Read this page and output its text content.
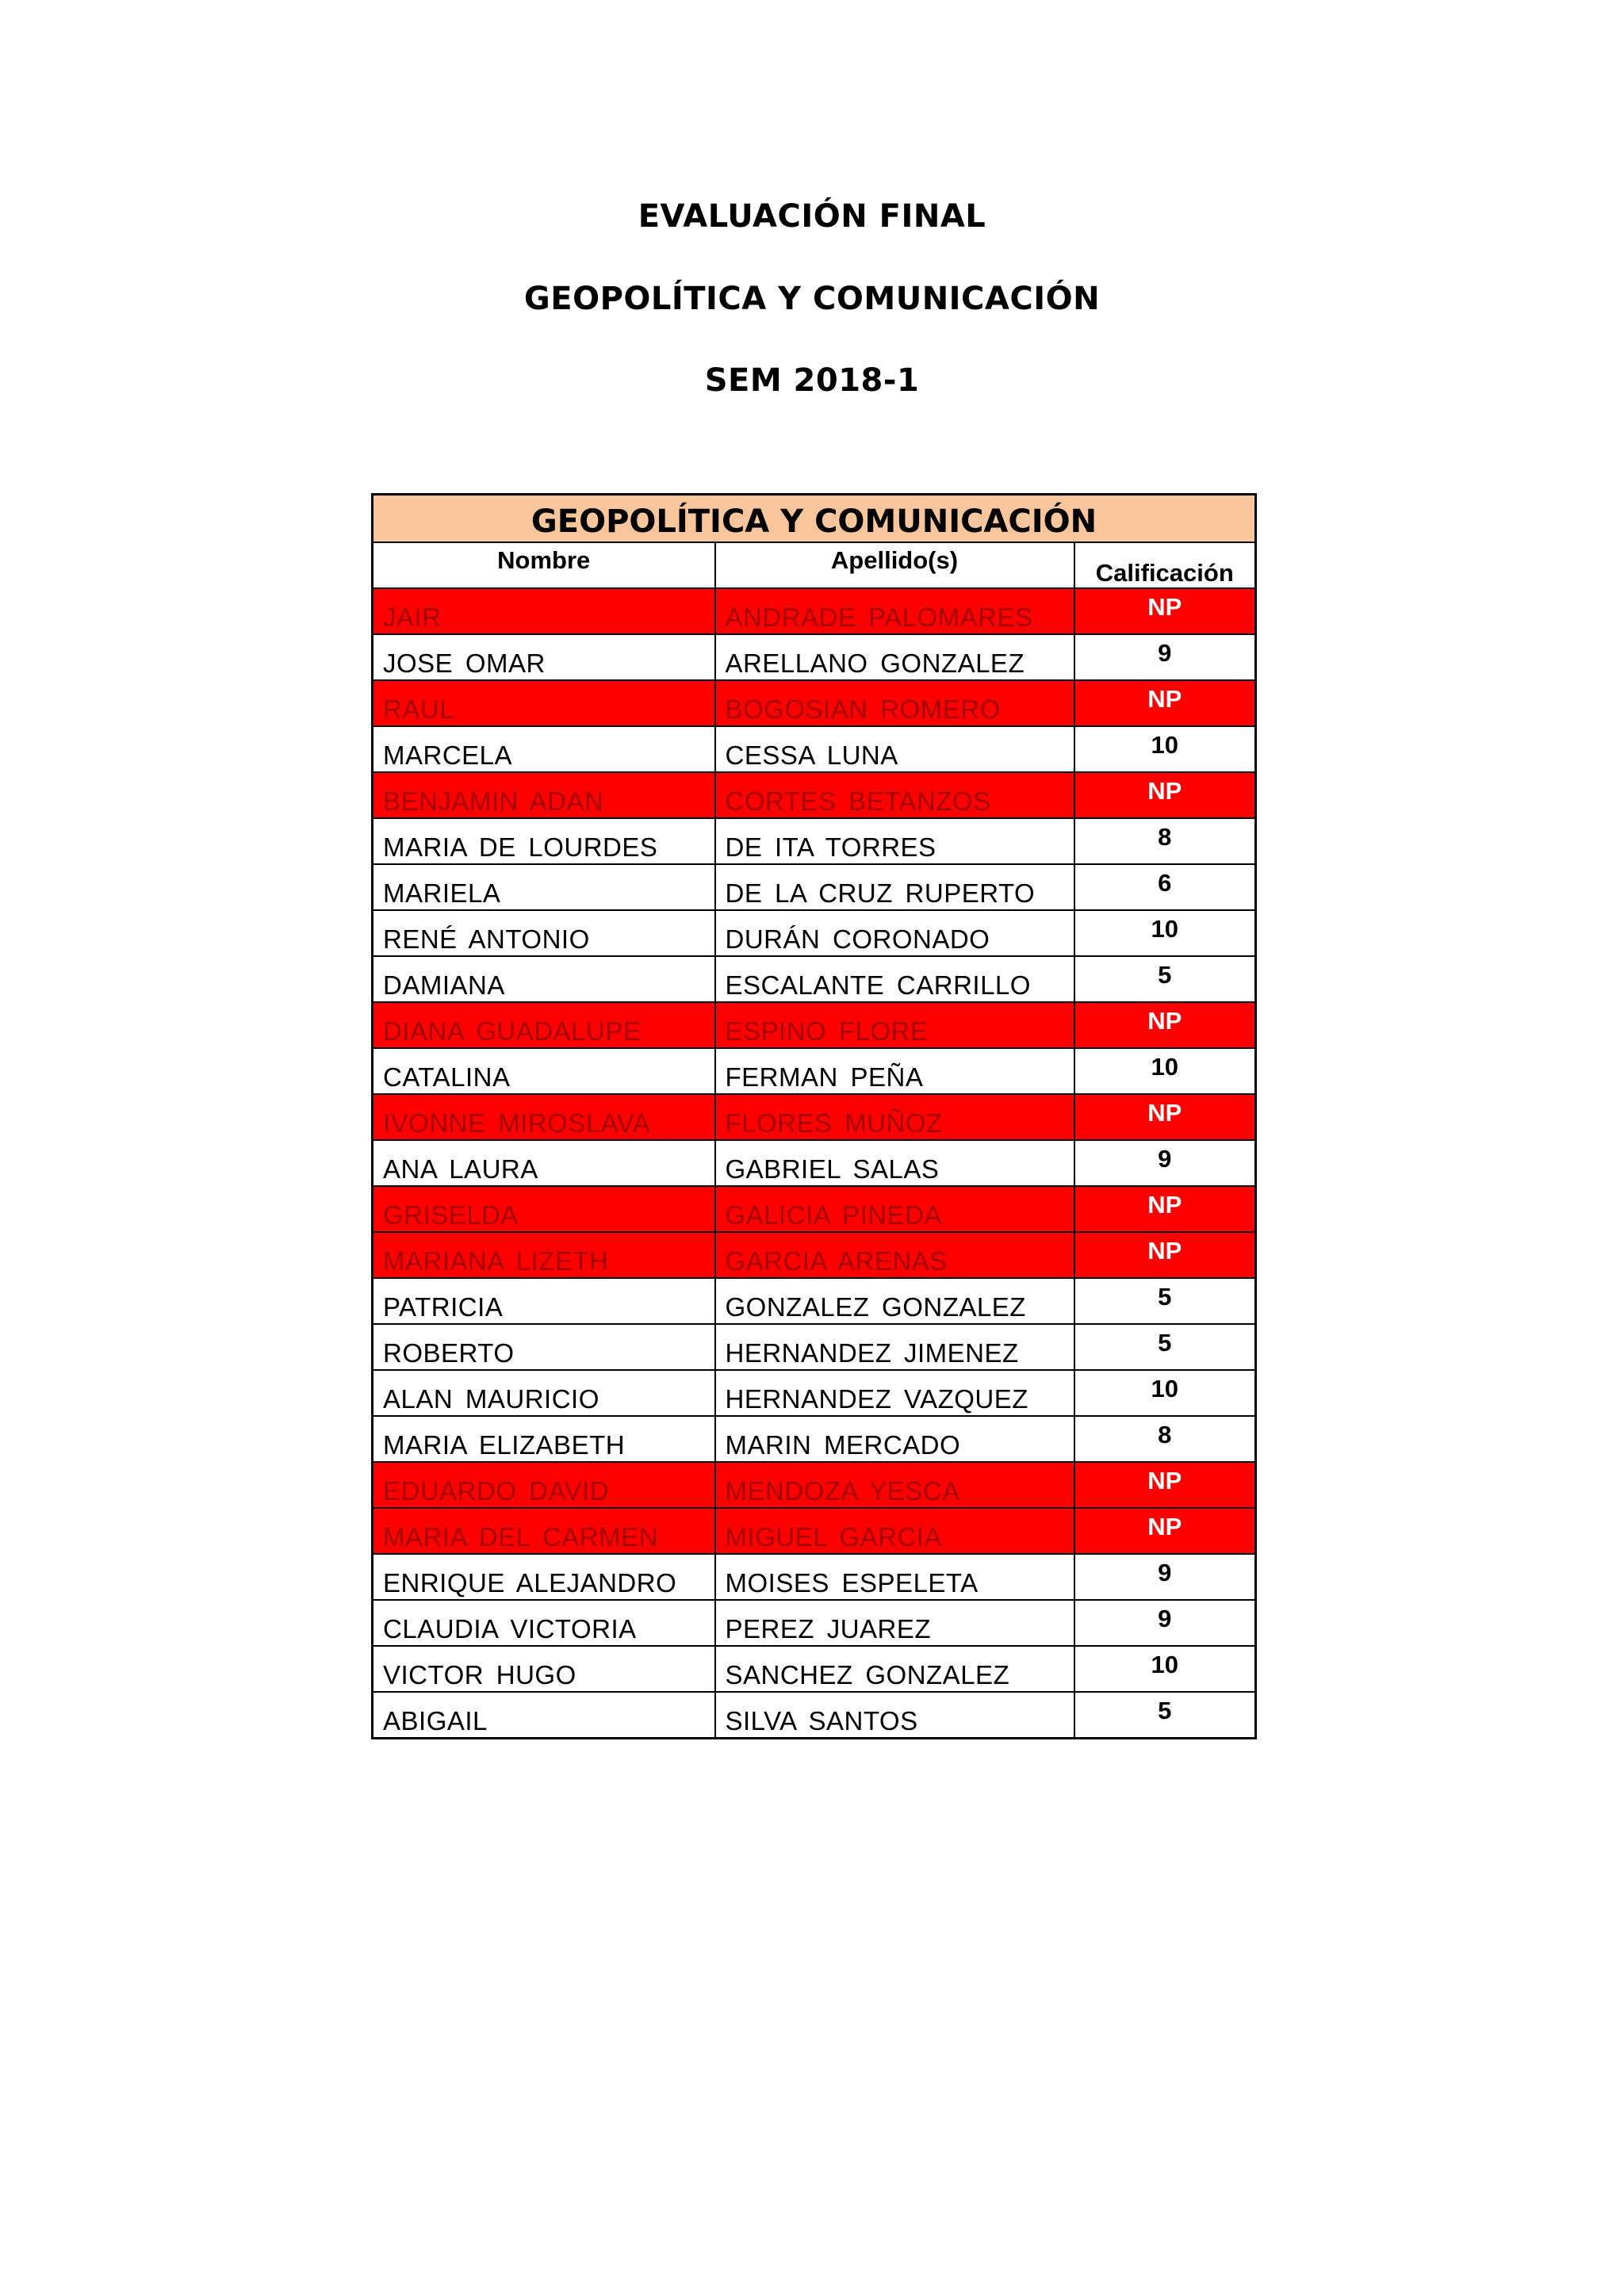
EVALUACIÓN FINAL
GEOPOLÍTICA Y COMUNICACIÓN
SEM 2018-1
GEOPOLÍTICA Y COMUNICACIÓN		
Nombre	Apellido(s)	Calificación
JAIR	ANDRADE PALOMARES	NP
JOSE OMAR	ARELLANO GONZALEZ	9
RAUL	BOGOSIAN ROMERO	NP
MARCELA	CESSA LUNA	10
BENJAMIN ADAN	CORTES BETANZOS	NP
MARIA DE LOURDES	DE ITA TORRES	8
MARIELA	DE LA CRUZ RUPERTO	6
RENÉ ANTONIO	DURÁN CORONADO	10
DAMIANA	ESCALANTE CARRILLO	5
DIANA GUADALUPE	ESPINO FLORE	NP
CATALINA	FERMAN PEÑA	10
IVONNE MIROSLAVA	FLORES MUÑOZ	NP
ANA LAURA	GABRIEL SALAS	9
GRISELDA	GALICIA PINEDA	NP
MARIANA LIZETH	GARCIA ARENAS	NP
PATRICIA	GONZALEZ GONZALEZ	5
ROBERTO	HERNANDEZ JIMENEZ	5
ALAN MAURICIO	HERNANDEZ VAZQUEZ	10
MARIA ELIZABETH	MARIN MERCADO	8
EDUARDO DAVID	MENDOZA YESCA	NP
MARIA DEL CARMEN	MIGUEL GARCIA	NP
ENRIQUE ALEJANDRO	MOISES ESPELETA	9
CLAUDIA VICTORIA	PEREZ JUAREZ	9
VICTOR HUGO	SANCHEZ GONZALEZ	10
ABIGAIL	SILVA SANTOS	5
